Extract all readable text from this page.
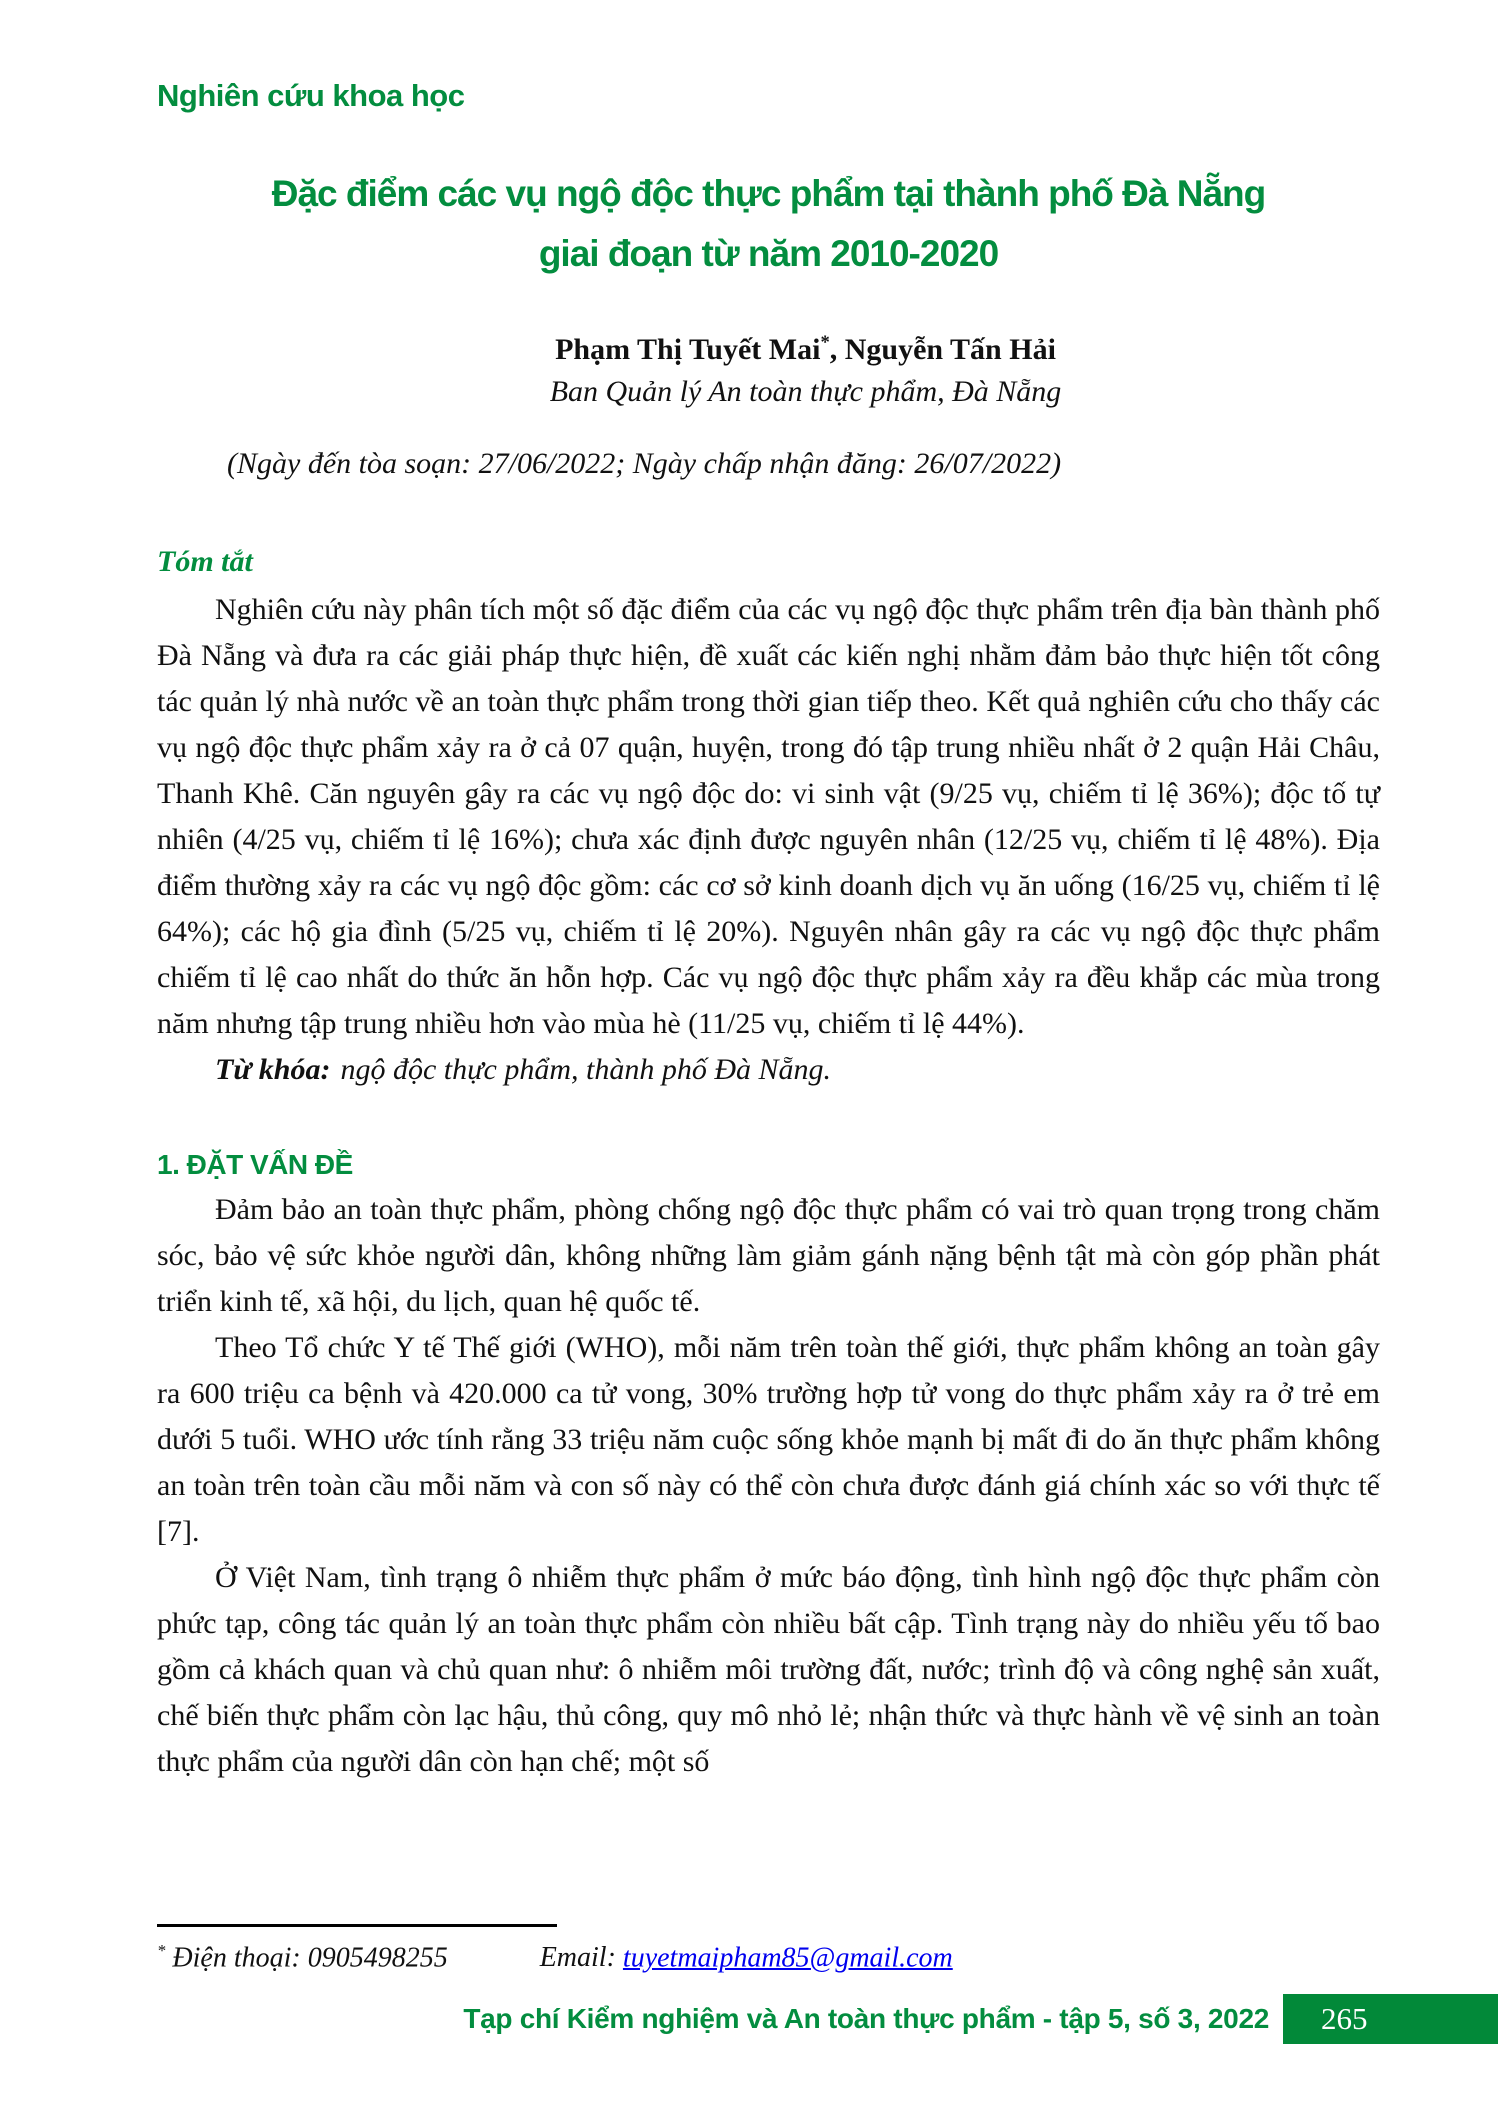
Nghiên cứu khoa học
Đặc điểm các vụ ngộ độc thực phẩm tại thành phố Đà Nẵng
giai đoạn từ năm 2010-2020
Phạm Thị Tuyết Mai*, Nguyễn Tấn Hải
Ban Quản lý An toàn thực phẩm, Đà Nẵng
(Ngày đến tòa soạn: 27/06/2022; Ngày chấp nhận đăng: 26/07/2022)
Tóm tắt

Nghiên cứu này phân tích một số đặc điểm của các vụ ngộ độc thực phẩm trên địa bàn thành phố Đà Nẵng và đưa ra các giải pháp thực hiện, đề xuất các kiến nghị nhằm đảm bảo thực hiện tốt công tác quản lý nhà nước về an toàn thực phẩm trong thời gian tiếp theo. Kết quả nghiên cứu cho thấy các vụ ngộ độc thực phẩm xảy ra ở cả 07 quận, huyện, trong đó tập trung nhiều nhất ở 2 quận Hải Châu, Thanh Khê. Căn nguyên gây ra các vụ ngộ độc do: vi sinh vật (9/25 vụ, chiếm tỉ lệ 36%); độc tố tự nhiên (4/25 vụ, chiếm tỉ lệ 16%); chưa xác định được nguyên nhân (12/25 vụ, chiếm tỉ lệ 48%). Địa điểm thường xảy ra các vụ ngộ độc gồm: các cơ sở kinh doanh dịch vụ ăn uống (16/25 vụ, chiếm tỉ lệ 64%); các hộ gia đình (5/25 vụ, chiếm tỉ lệ 20%). Nguyên nhân gây ra các vụ ngộ độc thực phẩm chiếm tỉ lệ cao nhất do thức ăn hỗn hợp. Các vụ ngộ độc thực phẩm xảy ra đều khắp các mùa trong năm nhưng tập trung nhiều hơn vào mùa hè (11/25 vụ, chiếm tỉ lệ 44%).

Từ khóa: ngộ độc thực phẩm, thành phố Đà Nẵng.
1. ĐẶT VẤN ĐỀ

Đảm bảo an toàn thực phẩm, phòng chống ngộ độc thực phẩm có vai trò quan trọng trong chăm sóc, bảo vệ sức khỏe người dân, không những làm giảm gánh nặng bệnh tật mà còn góp phần phát triển kinh tế, xã hội, du lịch, quan hệ quốc tế.

Theo Tổ chức Y tế Thế giới (WHO), mỗi năm trên toàn thế giới, thực phẩm không an toàn gây ra 600 triệu ca bệnh và 420.000 ca tử vong, 30% trường hợp tử vong do thực phẩm xảy ra ở trẻ em dưới 5 tuổi. WHO ước tính rằng 33 triệu năm cuộc sống khỏe mạnh bị mất đi do ăn thực phẩm không an toàn trên toàn cầu mỗi năm và con số này có thể còn chưa được đánh giá chính xác so với thực tế [7].

Ở Việt Nam, tình trạng ô nhiễm thực phẩm ở mức báo động, tình hình ngộ độc thực phẩm còn phức tạp, công tác quản lý an toàn thực phẩm còn nhiều bất cập. Tình trạng này do nhiều yếu tố bao gồm cả khách quan và chủ quan như: ô nhiễm môi trường đất, nước; trình độ và công nghệ sản xuất, chế biến thực phẩm còn lạc hậu, thủ công, quy mô nhỏ lẻ; nhận thức và thực hành về vệ sinh an toàn thực phẩm của người dân còn hạn chế; một số

* Điện thoại: 0905498255	Email: tuyetmaipham85@gmail.com
Tạp chí Kiểm nghiệm và An toàn thực phẩm - tập 5, số 3, 2022	265
